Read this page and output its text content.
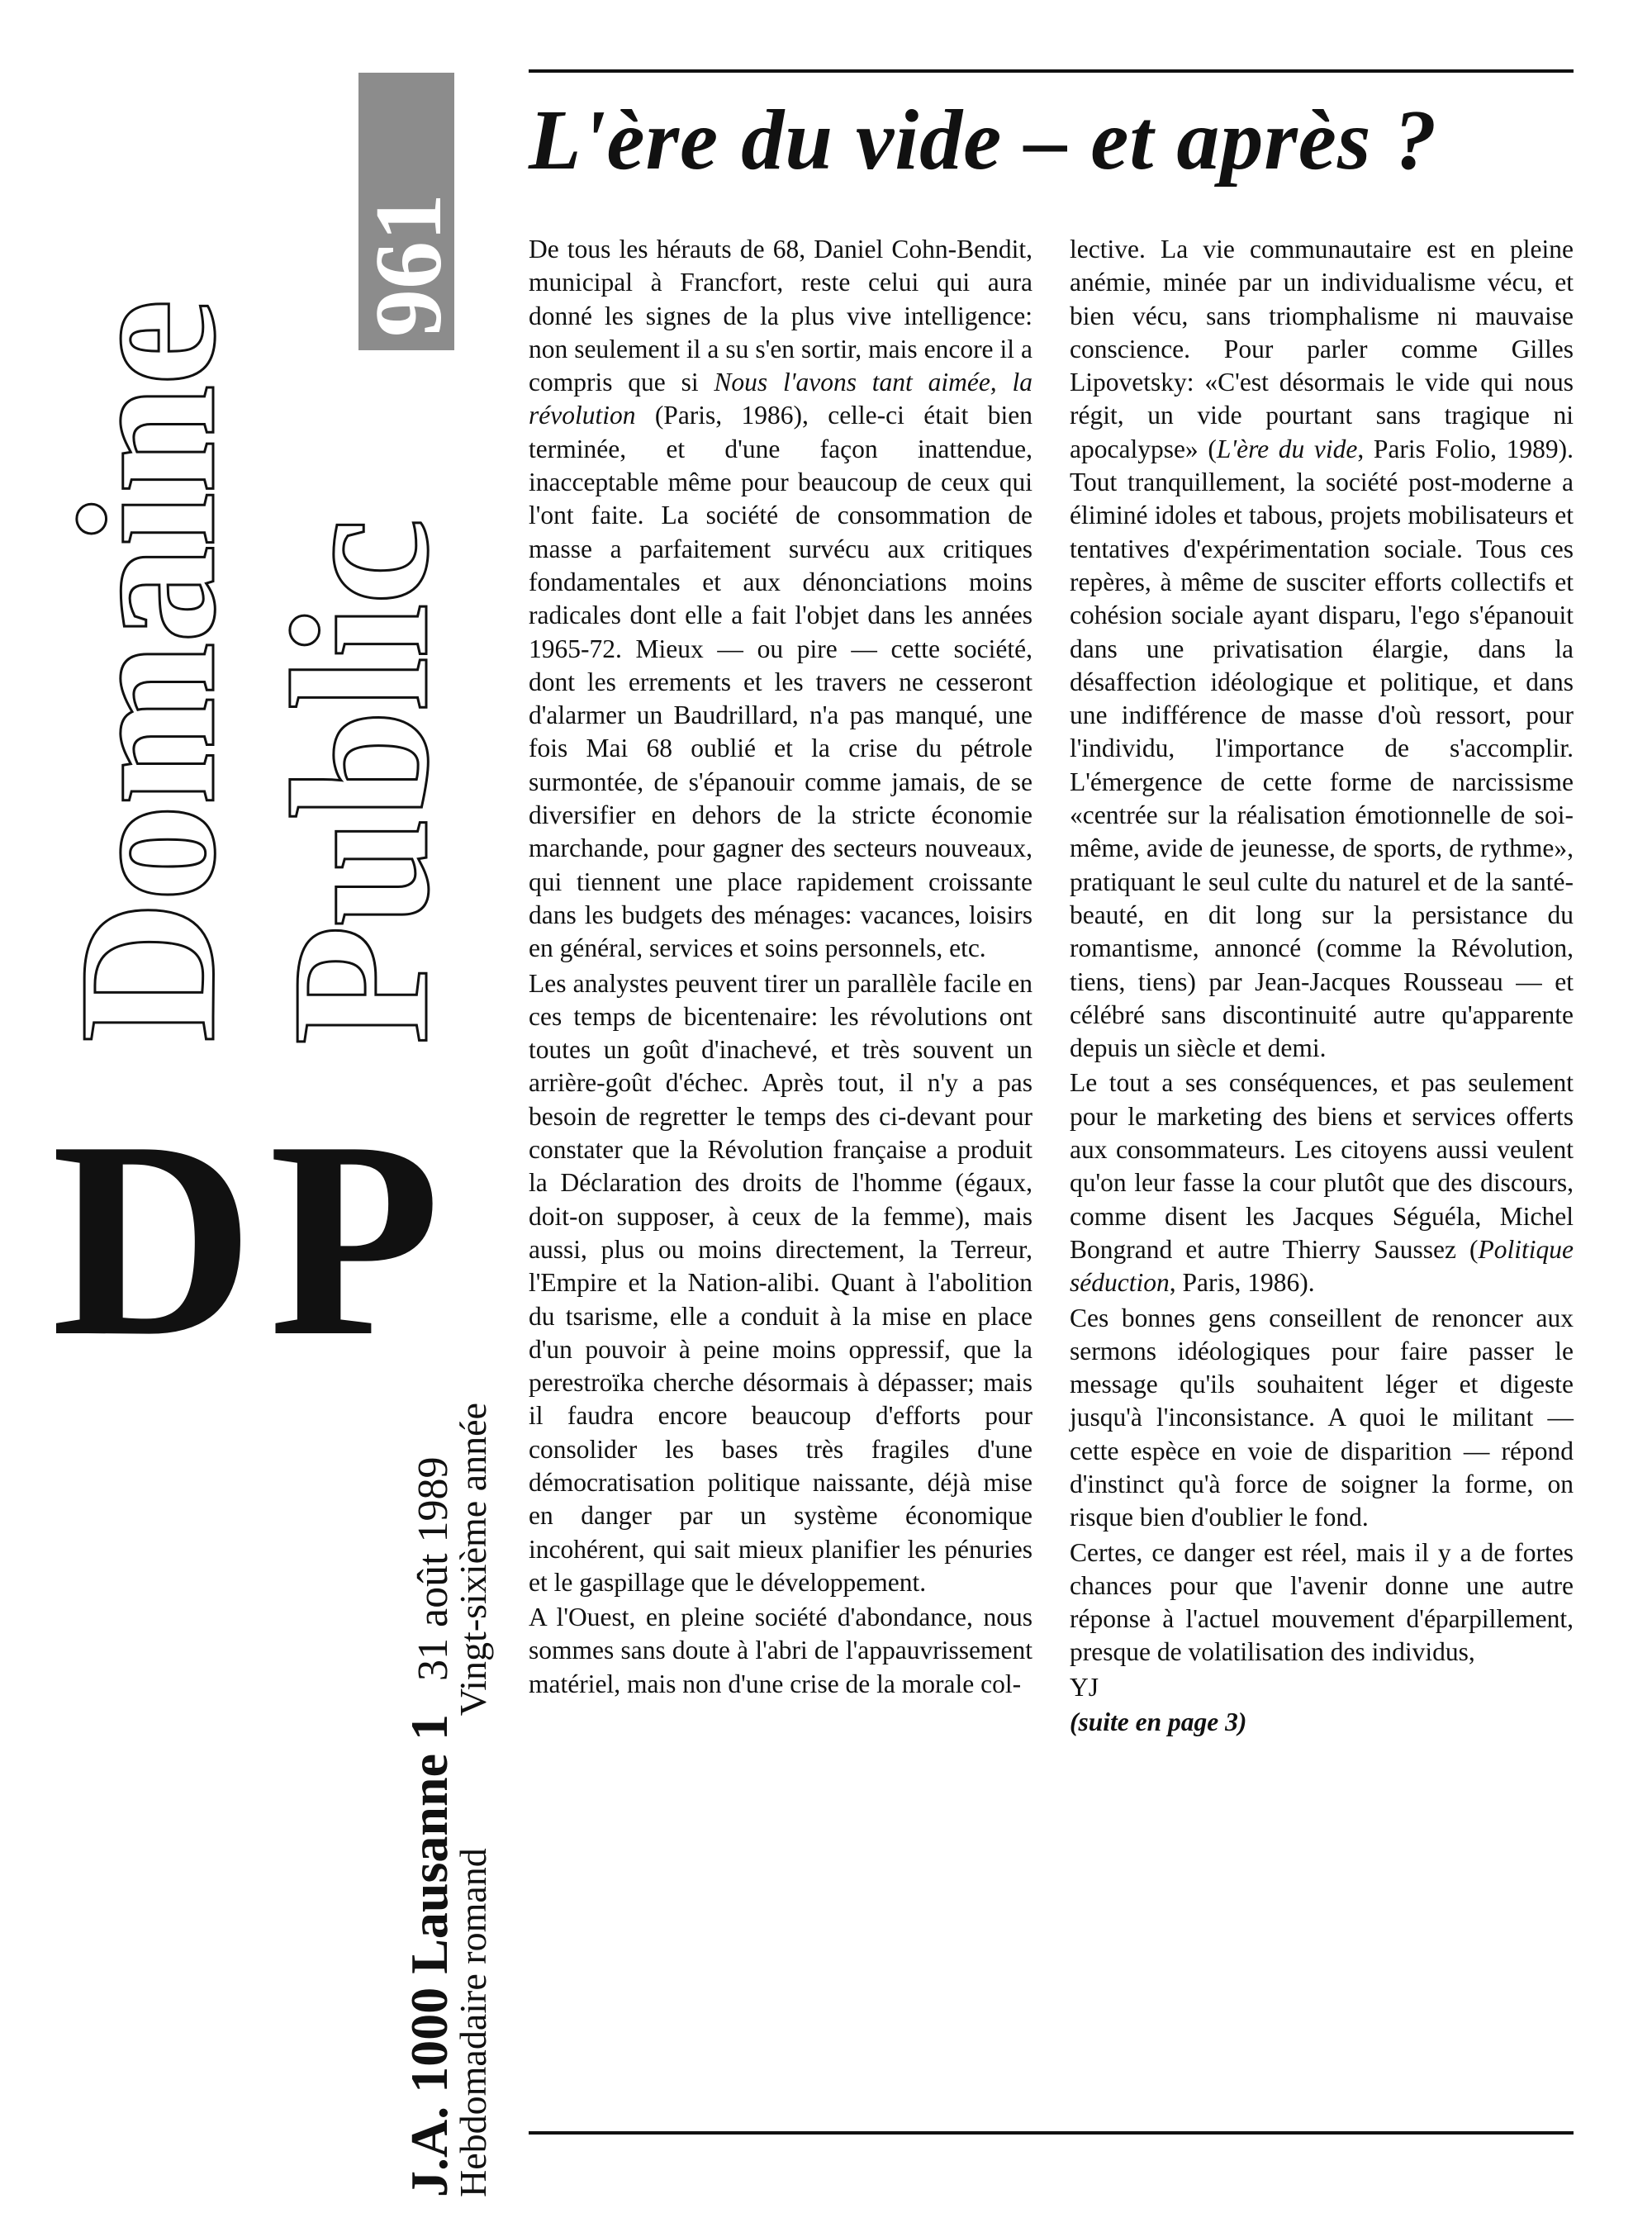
Domaine
Public
961
DP
J.A. 1000 Lausanne 131 août 1989
Hebdomadaire romandVingt-sixième année
L'ère du vide – et après ?

De tous les hérauts de 68, Daniel Cohn-Bendit, municipal à Francfort, reste celui qui aura donné les signes de la plus vive intelligence: non seulement il a su s'en sortir, mais encore il a compris que si Nous l'avons tant aimée, la révolution (Paris, 1986), celle-ci était bien terminée, et d'une façon inattendue, inacceptable même pour beaucoup de ceux qui l'ont faite. La société de consommation de masse a parfaitement survécu aux critiques fondamentales et aux dénonciations moins radicales dont elle a fait l'objet dans les années 1965-72. Mieux — ou pire — cette société, dont les errements et les travers ne cesseront d'alarmer un Baudrillard, n'a pas manqué, une fois Mai 68 oublié et la crise du pétrole surmontée, de s'épanouir comme jamais, de se diversifier en dehors de la stricte économie marchande, pour gagner des secteurs nouveaux, qui tiennent une place rapidement croissante dans les budgets des ménages: vacances, loisirs en général, services et soins personnels, etc.

Les analystes peuvent tirer un parallèle facile en ces temps de bicentenaire: les révolutions ont toutes un goût d'inachevé, et très souvent un arrière-goût d'échec. Après tout, il n'y a pas besoin de regretter le temps des ci-devant pour constater que la Révolution française a produit la Déclaration des droits de l'homme (égaux, doit-on supposer, à ceux de la femme), mais aussi, plus ou moins directement, la Terreur, l'Empire et la Nation-alibi. Quant à l'abolition du tsarisme, elle a conduit à la mise en place d'un pouvoir à peine moins oppressif, que la perestroïka cherche désormais à dépasser; mais il faudra encore beaucoup d'efforts pour consolider les bases très fragiles d'une démocratisation politique naissante, déjà mise en danger par un système économique incohérent, qui sait mieux planifier les pénuries et le gaspillage que le développement.

A l'Ouest, en pleine société d'abondance, nous sommes sans doute à l'abri de l'appauvrissement matériel, mais non d'une crise de la morale col-

lective. La vie communautaire est en pleine anémie, minée par un individualisme vécu, et bien vécu, sans triomphalisme ni mauvaise conscience. Pour parler comme Gilles Lipovetsky: «C'est désormais le vide qui nous régit, un vide pourtant sans tragique ni apocalypse» (L'ère du vide, Paris Folio, 1989). Tout tranquillement, la société post-moderne a éliminé idoles et tabous, projets mobilisateurs et tentatives d'expérimentation sociale. Tous ces repères, à même de susciter efforts collectifs et cohésion sociale ayant disparu, l'ego s'épanouit dans une privatisation élargie, dans la désaffection idéologique et politique, et dans une indifférence de masse d'où ressort, pour l'individu, l'importance de s'accomplir. L'émergence de cette forme de narcissisme «centrée sur la réalisation émotionnelle de soi-même, avide de jeunesse, de sports, de rythme», pratiquant le seul culte du naturel et de la santé-beauté, en dit long sur la persistance du romantisme, annoncé (comme la Révolution, tiens, tiens) par Jean-Jacques Rousseau — et célébré sans discontinuité autre qu'apparente depuis un siècle et demi.

Le tout a ses conséquences, et pas seulement pour le marketing des biens et services offerts aux consommateurs. Les citoyens aussi veulent qu'on leur fasse la cour plutôt que des discours, comme disent les Jacques Séguéla, Michel Bongrand et autre Thierry Saussez (Politique séduction, Paris, 1986).

Ces bonnes gens conseillent de renoncer aux sermons idéologiques pour faire passer le message qu'ils souhaitent léger et digeste jusqu'à l'inconsistance. A quoi le militant — cette espèce en voie de disparition — répond d'instinct qu'à force de soigner la forme, on risque bien d'oublier le fond.

Certes, ce danger est réel, mais il y a de fortes chances pour que l'avenir donne une autre réponse à l'actuel mouvement d'éparpillement, presque de volatilisation des individus,

YJ

(suite en page 3)
